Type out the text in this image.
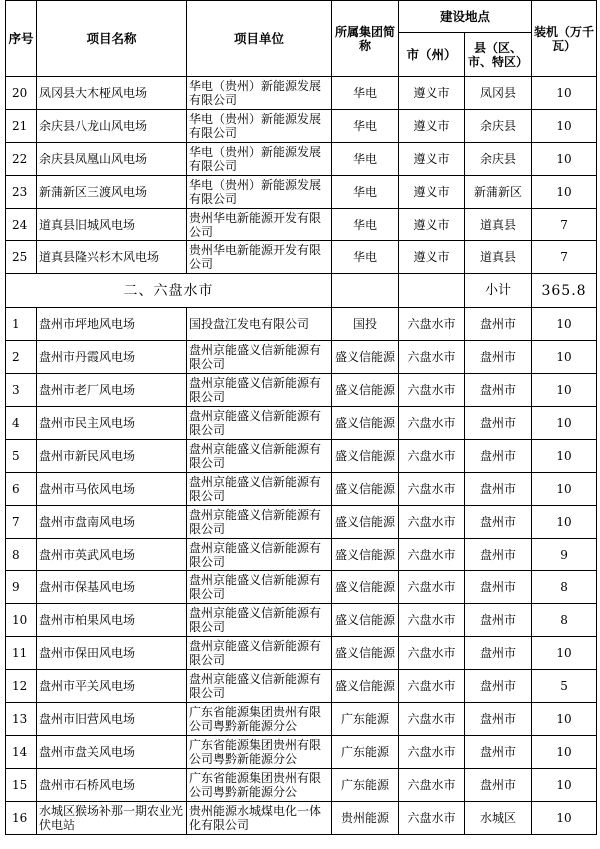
序号	项目名称	项目单位	所属集团简称	建设地点		装机（万千瓦）
				市（州）	县（区、市、特区）	
20	凤冈县大木桠风电场	华电（贵州）新能源发展有限公司	华电	遵义市	凤冈县	10
21	余庆县八龙山风电场	华电（贵州）新能源发展有限公司	华电	遵义市	余庆县	10
22	余庆县凤凰山风电场	华电（贵州）新能源发展有限公司	华电	遵义市	余庆县	10
23	新蒲新区三渡风电场	华电（贵州）新能源发展有限公司	华电	遵义市	新蒲新区	10
24	道真县旧城风电场	贵州华电新能源开发有限公司	华电	遵义市	道真县	7
25	道真县隆兴杉木风电场	贵州华电新能源开发有限公司	华电	遵义市	道真县	7
二、六盘水市					小计	365.8
1	盘州市坪地风电场	国投盘江发电有限公司	国投	六盘水市	盘州市	10
2	盘州市丹霞风电场	盘州京能盛义信新能源有限公司	盛义信能源	六盘水市	盘州市	10
3	盘州市老厂风电场	盘州京能盛义信新能源有限公司	盛义信能源	六盘水市	盘州市	10
4	盘州市民主风电场	盘州京能盛义信新能源有限公司	盛义信能源	六盘水市	盘州市	10
5	盘州市新民风电场	盘州京能盛义信新能源有限公司	盛义信能源	六盘水市	盘州市	10
6	盘州市马依风电场	盘州京能盛义信新能源有限公司	盛义信能源	六盘水市	盘州市	10
7	盘州市盘南风电场	盘州京能盛义信新能源有限公司	盛义信能源	六盘水市	盘州市	10
8	盘州市英武风电场	盘州京能盛义信新能源有限公司	盛义信能源	六盘水市	盘州市	9
9	盘州市保基风电场	盘州京能盛义信新能源有限公司	盛义信能源	六盘水市	盘州市	8
10	盘州市柏果风电场	盘州京能盛义信新能源有限公司	盛义信能源	六盘水市	盘州市	8
11	盘州市保田风电场	盘州京能盛义信新能源有限公司	盛义信能源	六盘水市	盘州市	10
12	盘州市平关风电场	盘州京能盛义信新能源有限公司	盛义信能源	六盘水市	盘州市	5
13	盘州市旧营风电场	广东省能源集团贵州有限公司粤黔新能源分公	广东能源	六盘水市	盘州市	10
14	盘州市盘关风电场	广东省能源集团贵州有限公司粤黔新能源分公	广东能源	六盘水市	盘州市	10
15	盘州市石桥风电场	广东省能源集团贵州有限公司粤黔新能源分公	广东能源	六盘水市	盘州市	10
16	水城区猴场补那一期农业光伏电站	贵州能源水城煤电化一体化有限公司	贵州能源	六盘水市	水城区	10
